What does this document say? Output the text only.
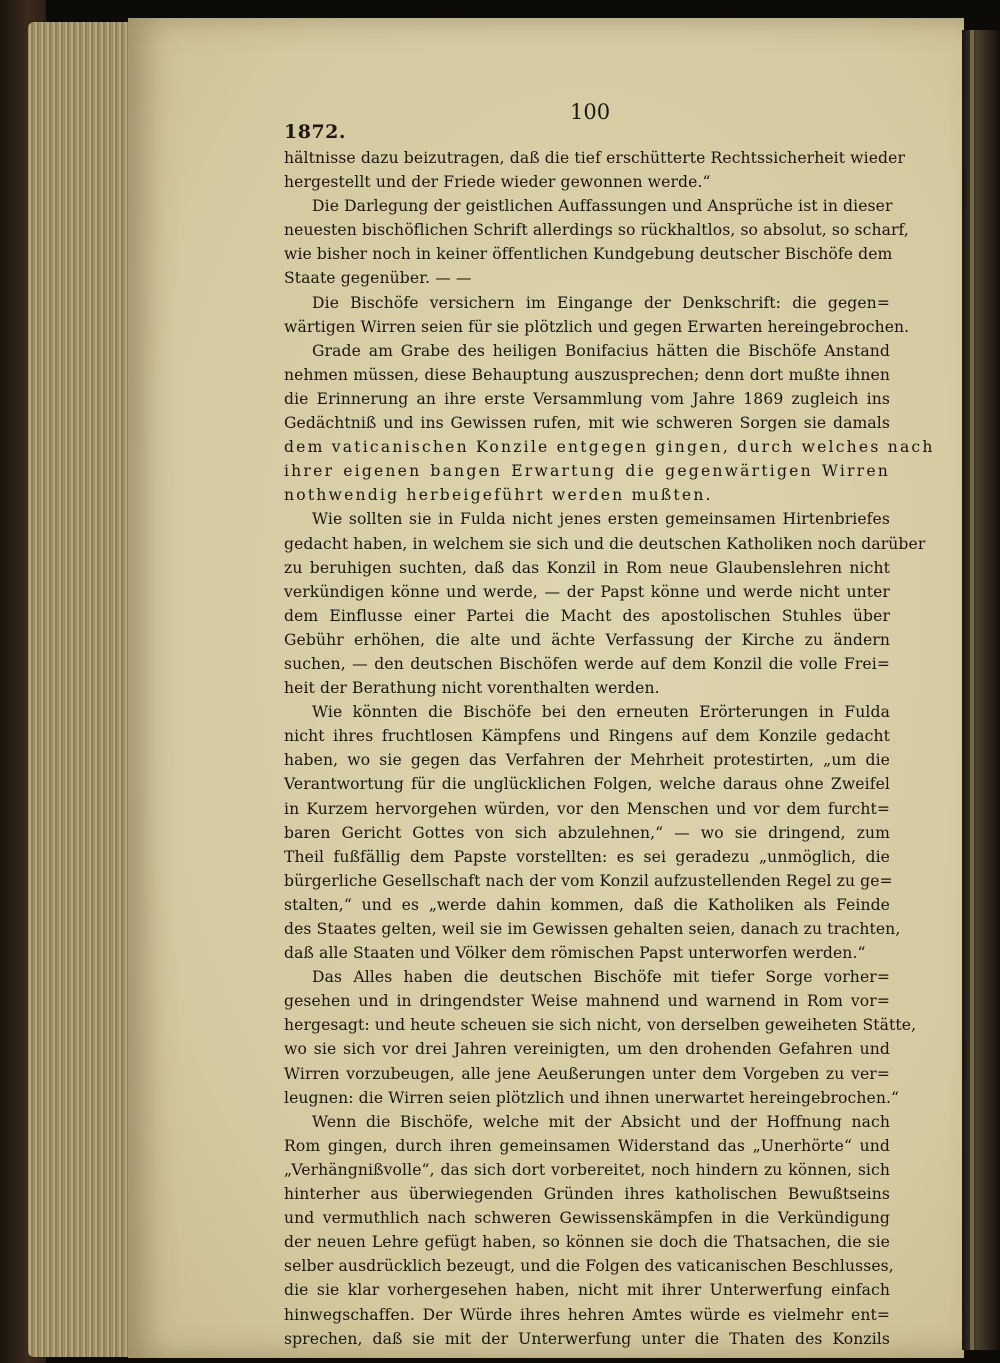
1872.
100
hältnisse dazu beizutragen, daß die tief erschütterte Rechtssicherheit wieder
hergestellt und der Friede wieder gewonnen werde.“
Die Darlegung der geistlichen Auffassungen und Ansprüche ist in dieser
neuesten bischöflichen Schrift allerdings so rückhaltlos, so absolut, so scharf,
wie bisher noch in keiner öffentlichen Kundgebung deutscher Bischöfe dem
Staate gegenüber. — —
Die Bischöfe versichern im Eingange der Denkschrift: die gegen=
wärtigen Wirren seien für sie plötzlich und gegen Erwarten hereingebrochen.
Grade am Grabe des heiligen Bonifacius hätten die Bischöfe Anstand
nehmen müssen, diese Behauptung auszusprechen; denn dort mußte ihnen
die Erinnerung an ihre erste Versammlung vom Jahre 1869 zugleich ins
Gedächtniß und ins Gewissen rufen, mit wie schweren Sorgen sie damals
dem vaticanischen Konzile entgegen gingen, durch welches nach
ihrer eigenen bangen Erwartung die gegenwärtigen Wirren
nothwendig herbeigeführt werden mußten.
Wie sollten sie in Fulda nicht jenes ersten gemeinsamen Hirtenbriefes
gedacht haben, in welchem sie sich und die deutschen Katholiken noch darüber
zu beruhigen suchten, daß das Konzil in Rom neue Glaubenslehren nicht
verkündigen könne und werde, — der Papst könne und werde nicht unter
dem Einflusse einer Partei die Macht des apostolischen Stuhles über
Gebühr erhöhen, die alte und ächte Verfassung der Kirche zu ändern
suchen, — den deutschen Bischöfen werde auf dem Konzil die volle Frei=
heit der Berathung nicht vorenthalten werden.
Wie könnten die Bischöfe bei den erneuten Erörterungen in Fulda
nicht ihres fruchtlosen Kämpfens und Ringens auf dem Konzile gedacht
haben, wo sie gegen das Verfahren der Mehrheit protestirten, „um die
Verantwortung für die unglücklichen Folgen, welche daraus ohne Zweifel
in Kurzem hervorgehen würden, vor den Menschen und vor dem furcht=
baren Gericht Gottes von sich abzulehnen,“ — wo sie dringend, zum
Theil fußfällig dem Papste vorstellten: es sei geradezu „unmöglich, die
bürgerliche Gesellschaft nach der vom Konzil aufzustellenden Regel zu ge=
stalten,“ und es „werde dahin kommen, daß die Katholiken als Feinde
des Staates gelten, weil sie im Gewissen gehalten seien, danach zu trachten,
daß alle Staaten und Völker dem römischen Papst unterworfen werden.“
Das Alles haben die deutschen Bischöfe mit tiefer Sorge vorher=
gesehen und in dringendster Weise mahnend und warnend in Rom vor=
hergesagt: und heute scheuen sie sich nicht, von derselben geweiheten Stätte,
wo sie sich vor drei Jahren vereinigten, um den drohenden Gefahren und
Wirren vorzubeugen, alle jene Aeußerungen unter dem Vorgeben zu ver=
leugnen: die Wirren seien plötzlich und ihnen unerwartet hereingebrochen.“
Wenn die Bischöfe, welche mit der Absicht und der Hoffnung nach
Rom gingen, durch ihren gemeinsamen Widerstand das „Unerhörte“ und
„Verhängnißvolle“, das sich dort vorbereitet, noch hindern zu können, sich
hinterher aus überwiegenden Gründen ihres katholischen Bewußtseins
und vermuthlich nach schweren Gewissenskämpfen in die Verkündigung
der neuen Lehre gefügt haben, so können sie doch die Thatsachen, die sie
selber ausdrücklich bezeugt, und die Folgen des vaticanischen Beschlusses,
die sie klar vorhergesehen haben, nicht mit ihrer Unterwerfung einfach
hinwegschaffen. Der Würde ihres hehren Amtes würde es vielmehr ent=
sprechen, daß sie mit der Unterwerfung unter die Thaten des Konzils
